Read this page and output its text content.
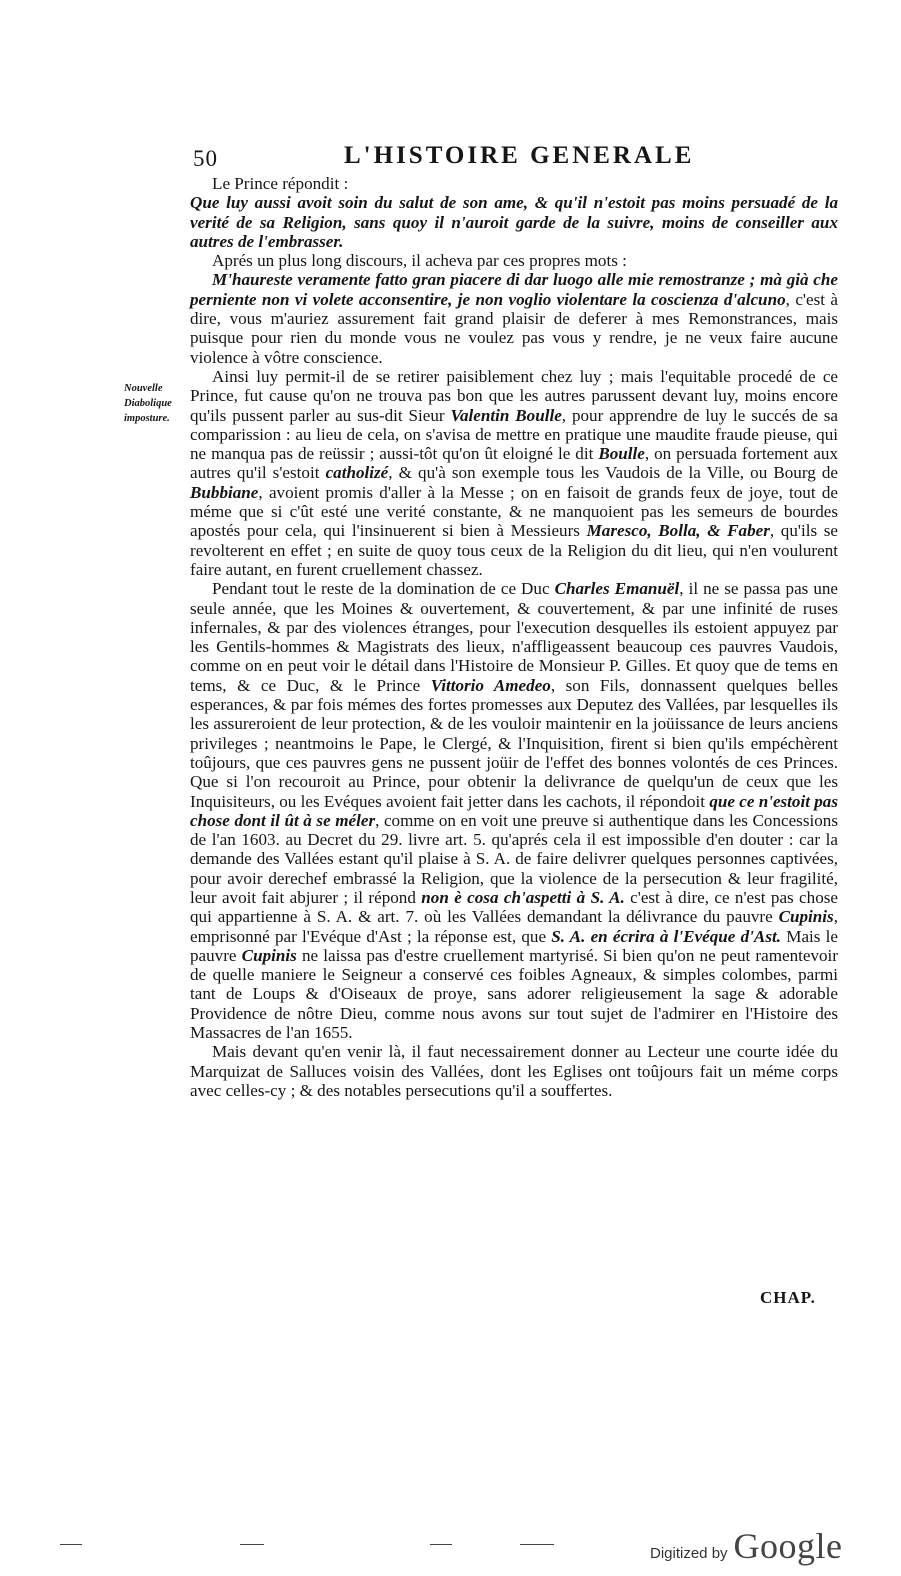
50	L'HISTOIRE GENERALE
Nouvelle
Diabolique
imposture.

Le Prince répondit :

Que luy aussi avoit soin du salut de son ame, & qu'il n'estoit pas moins persuadé de la verité de sa Religion, sans quoy il n'auroit garde de la suivre, moins de conseiller aux autres de l'embrasser.

Aprés un plus long discours, il acheva par ces propres mots :

M'haureste veramente fatto gran piacere di dar luogo alle mie remostranze ; mà già che perniente non vi volete acconsentire, je non voglio violentare la coscienza d'alcuno, c'est à dire, vous m'auriez assurement fait grand plaisir de deferer à mes Remonstrances, mais puisque pour rien du monde vous ne voulez pas vous y rendre, je ne veux faire aucune violence à vôtre conscience.

Ainsi luy permit-il de se retirer paisiblement chez luy ; mais l'equitable procedé de ce Prince, fut cause qu'on ne trouva pas bon que les autres parussent devant luy, moins encore qu'ils pussent parler au sus-dit Sieur Valentin Boulle, pour apprendre de luy le succés de sa comparission : au lieu de cela, on s'avisa de mettre en pratique une maudite fraude pieuse, qui ne manqua pas de reüssir ; aussi-tôt qu'on ût eloigné le dit Boulle, on persuada fortement aux autres qu'il s'estoit catholizé, & qu'à son exemple tous les Vaudois de la Ville, ou Bourg de Bubbiane, avoient promis d'aller à la Messe ; on en faisoit de grands feux de joye, tout de méme que si c'ût esté une verité constante, & ne manquoient pas les semeurs de bourdes apostés pour cela, qui l'insinuerent si bien à Messieurs Maresco, Bolla, & Faber, qu'ils se revolterent en effet ; en suite de quoy tous ceux de la Religion du dit lieu, qui n'en voulurent faire autant, en furent cruellement chassez.

Pendant tout le reste de la domination de ce Duc Charles Emanuël, il ne se passa pas une seule année, que les Moines & ouvertement, & couvertement, & par une infinité de ruses infernales, & par des violences étranges, pour l'execution desquelles ils estoient appuyez par les Gentils-hommes & Magistrats des lieux, n'affligeassent beaucoup ces pauvres Vaudois, comme on en peut voir le détail dans l'Histoire de Monsieur P. Gilles. Et quoy que de tems en tems, & ce Duc, & le Prince Vittorio Amedeo, son Fils, donnassent quelques belles esperances, & par fois mémes des fortes promesses aux Deputez des Vallées, par lesquelles ils les assureroient de leur protection, & de les vouloir maintenir en la joüissance de leurs anciens privileges ; neantmoins le Pape, le Clergé, & l'Inquisition, firent si bien qu'ils empéchèrent toûjours, que ces pauvres gens ne pussent joüir de l'effet des bonnes volontés de ces Princes. Que si l'on recouroit au Prince, pour obtenir la delivrance de quelqu'un de ceux que les Inquisiteurs, ou les Evéques avoient fait jetter dans les cachots, il répondoit que ce n'estoit pas chose dont il ût à se méler, comme on en voit une preuve si authentique dans les Concessions de l'an 1603. au Decret du 29. livre art. 5. qu'aprés cela il est impossible d'en douter : car la demande des Vallées estant qu'il plaise à S. A. de faire delivrer quelques personnes captivées, pour avoir derechef embrassé la Religion, que la violence de la persecution & leur fragilité, leur avoit fait abjurer ; il répond non è cosa ch'aspetti à S. A. c'est à dire, ce n'est pas chose qui appartienne à S. A. & art. 7. où les Vallées demandant la délivrance du pauvre Cupinis, emprisonné par l'Evéque d'Ast ; la réponse est, que S. A. en écrira à l'Evéque d'Ast. Mais le pauvre Cupinis ne laissa pas d'estre cruellement martyrisé. Si bien qu'on ne peut ramentevoir de quelle maniere le Seigneur a conservé ces foibles Agneaux, & simples colombes, parmi tant de Loups & d'Oiseaux de proye, sans adorer religieusement la sage & adorable Providence de nôtre Dieu, comme nous avons sur tout sujet de l'admirer en l'Histoire des Massacres de l'an 1655.

Mais devant qu'en venir là, il faut necessairement donner au Lecteur une courte idée du Marquizat de Salluces voisin des Vallées, dont les Eglises ont toûjours fait un méme corps avec celles-cy ; & des notables persecutions qu'il a souffertes.

CHAP.
Digitized by Google
